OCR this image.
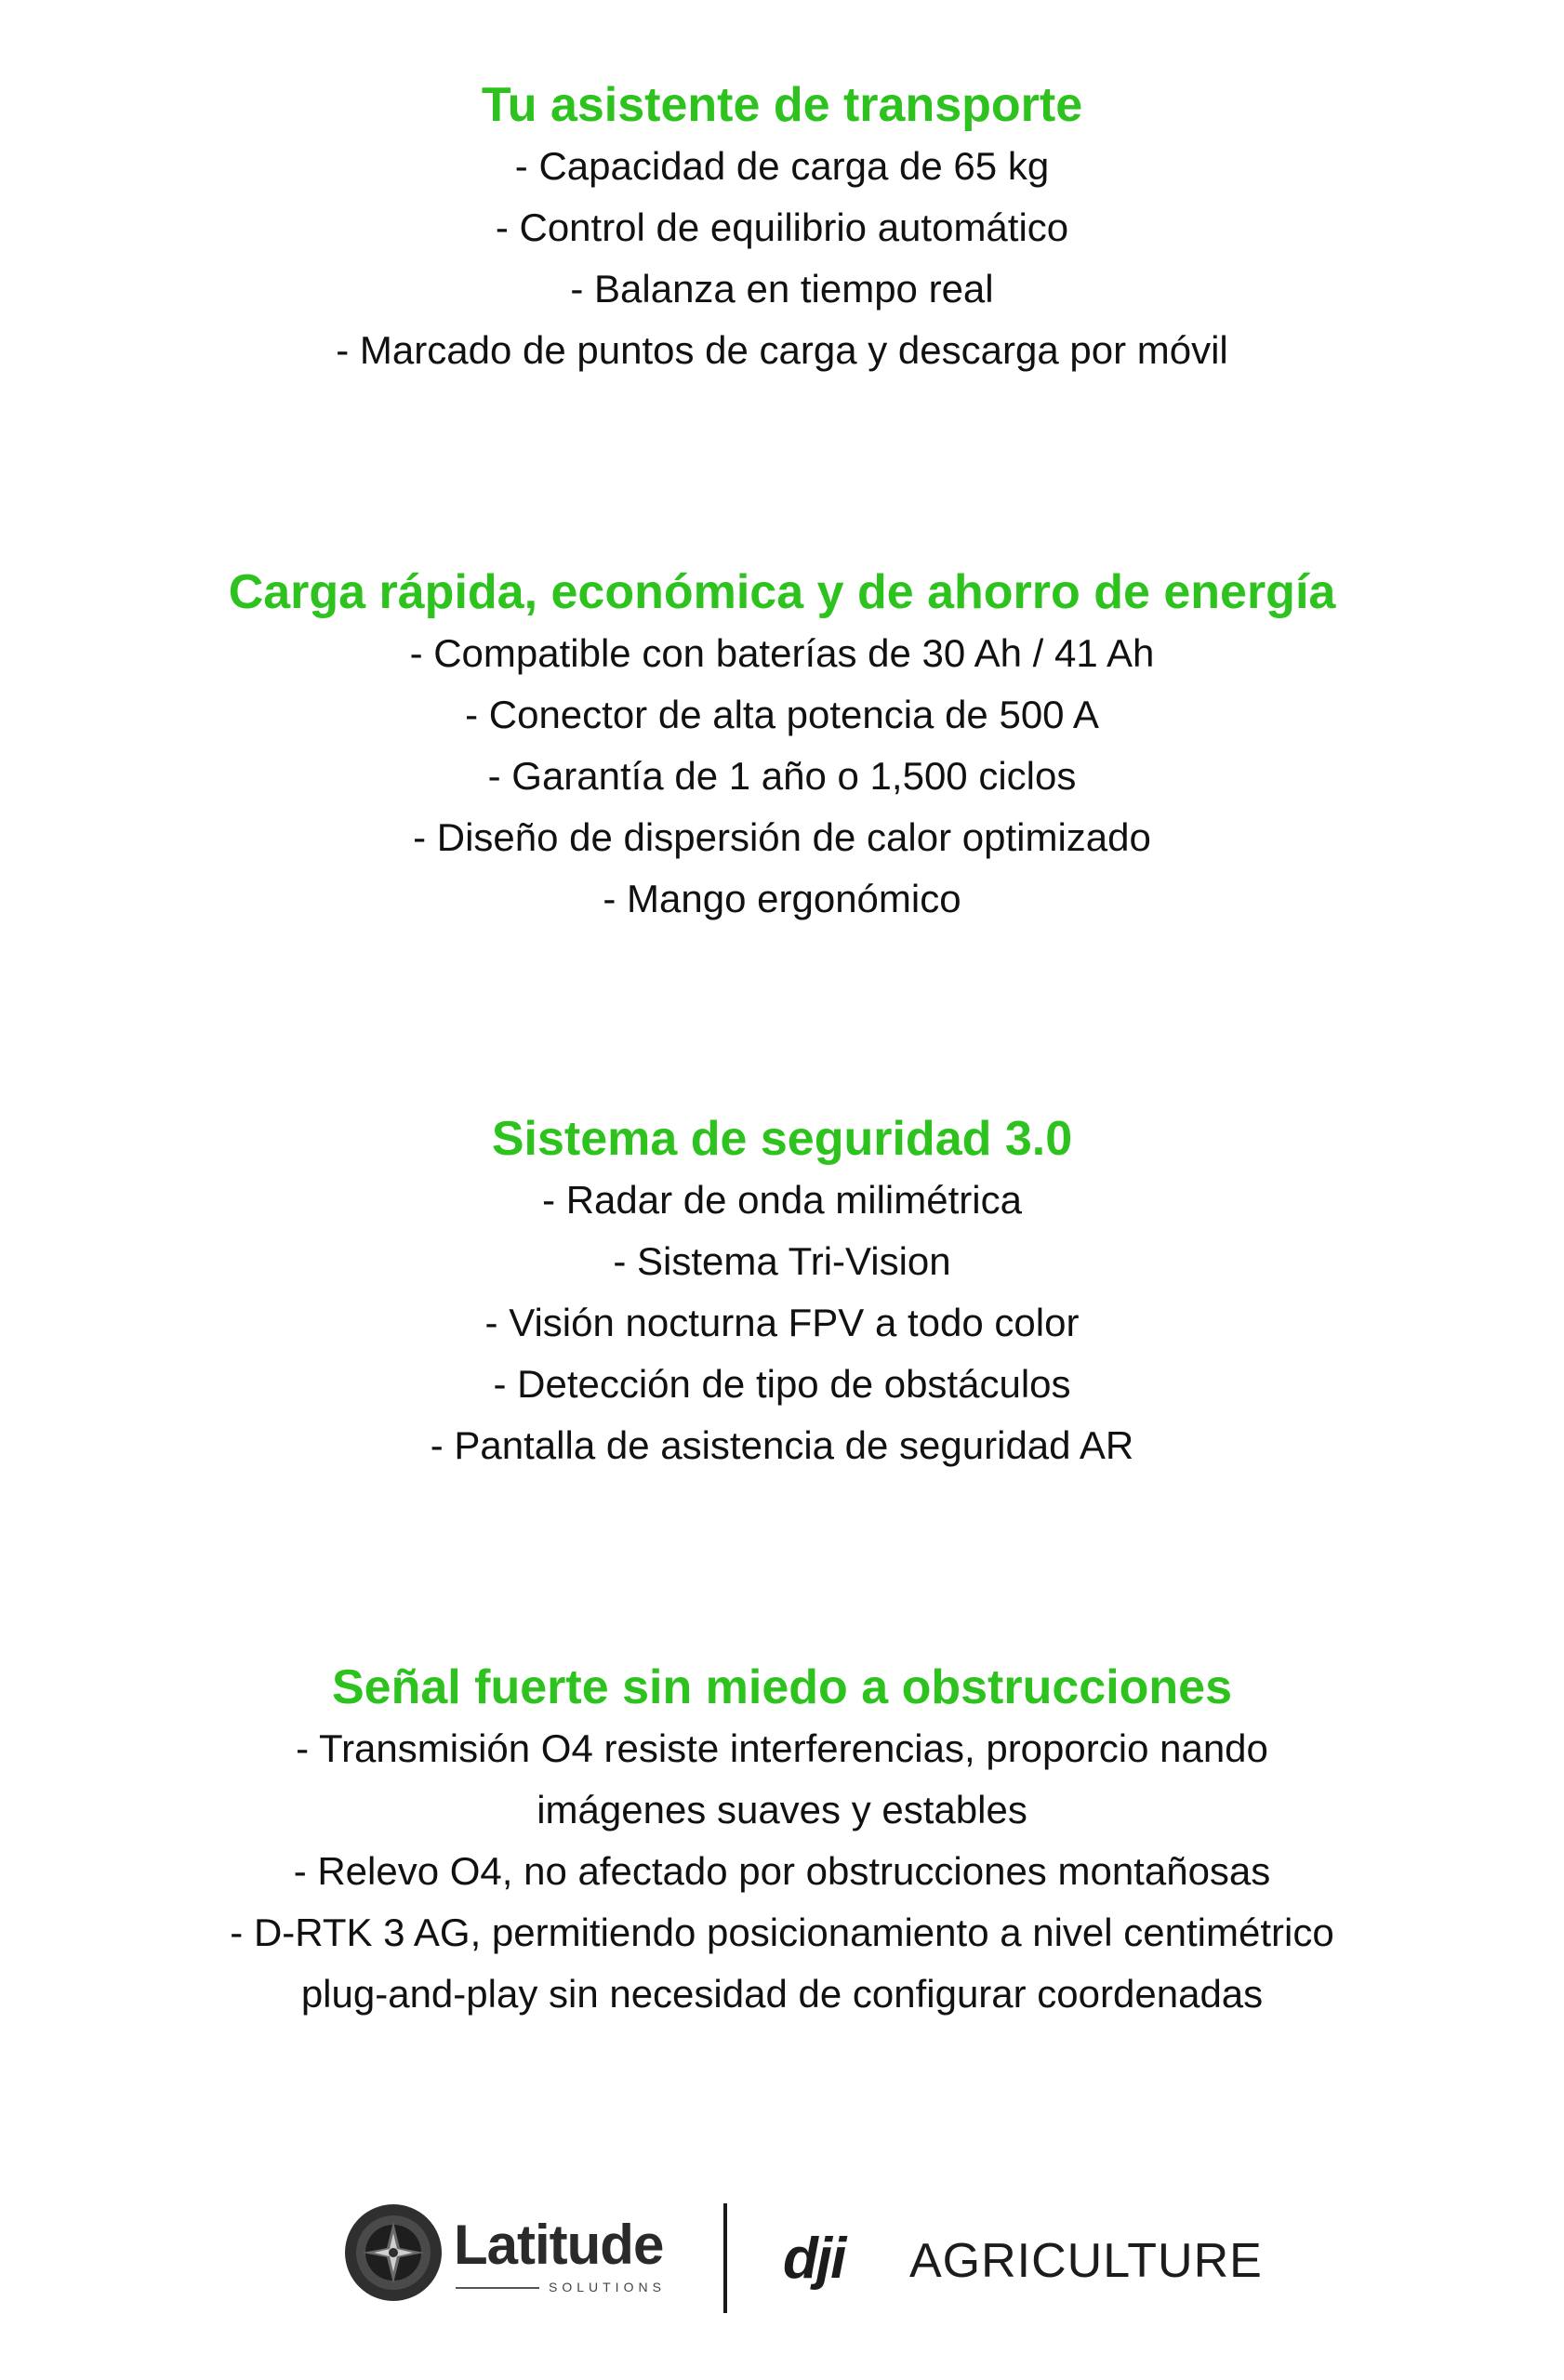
Tu asistente de transporte
- Capacidad de carga de 65 kg
- Control de equilibrio automático
- Balanza en tiempo real
- Marcado de puntos de carga y descarga por móvil
Carga rápida, económica y de ahorro de energía
- Compatible con baterías de 30 Ah / 41 Ah
- Conector de alta potencia de 500 A
- Garantía de 1 año o 1,500 ciclos
- Diseño de dispersión de calor optimizado
- Mango ergonómico
Sistema de seguridad 3.0
- Radar de onda milimétrica
- Sistema Tri-Vision
- Visión nocturna FPV a todo color
- Detección de tipo de obstáculos
- Pantalla de asistencia de seguridad AR
Señal fuerte sin miedo a obstrucciones
- Transmisión O4 resiste interferencias, proporcio nando
imágenes suaves y estables
- Relevo O4, no afectado por obstrucciones montañosas
- D-RTK 3 AG, permitiendo posicionamiento a nivel centimétrico
plug-and-play sin necesidad de configurar coordenadas
Latitude
SOLUTIONS dji AGRICULTURE
